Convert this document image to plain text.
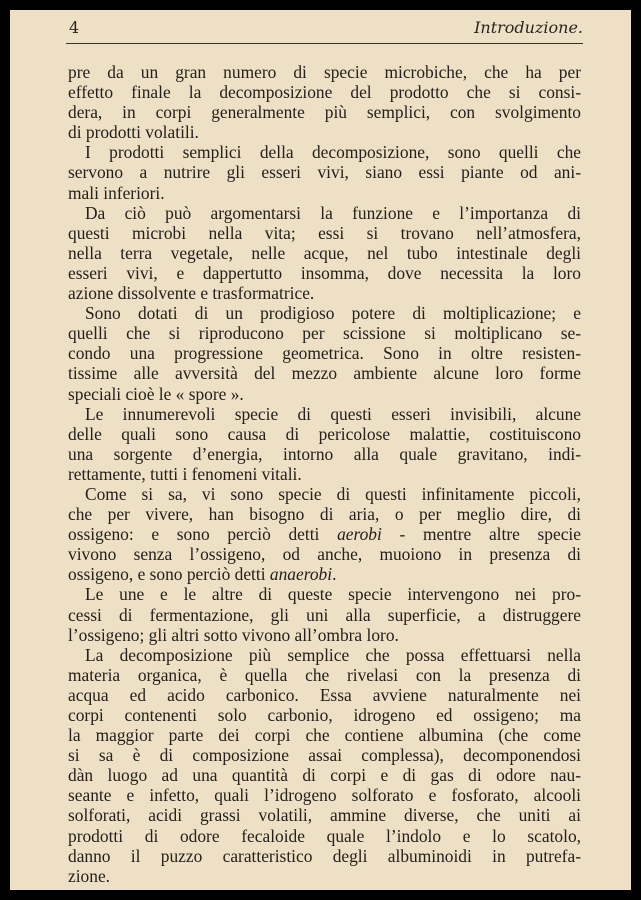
4	Introduzione.
pre da un gran numero di specie microbiche, che ha per
effetto finale la decomposizione del prodotto che si consi-
dera, in corpi generalmente più semplici, con svolgimento
di prodotti volatili.
I prodotti semplici della decomposizione, sono quelli che
servono a nutrire gli esseri vivi, siano essi piante od ani-
mali inferiori.
Da ciò può argomentarsi la funzione e l’importanza di
questi microbi nella vita; essi si trovano nell’atmosfera,
nella terra vegetale, nelle acque, nel tubo intestinale degli
esseri vivi, e dappertutto insomma, dove necessita la loro
azione dissolvente e trasformatrice.
Sono dotati di un prodigioso potere di moltiplicazione; e
quelli che si riproducono per scissione si moltiplicano se-
condo una progressione geometrica. Sono in oltre resisten-
tissime alle avversità del mezzo ambiente alcune loro forme
speciali cioè le « spore ».
Le innumerevoli specie di questi esseri invisibili, alcune
delle quali sono causa di pericolose malattie, costituiscono
una sorgente d’energia, intorno alla quale gravitano, indi-
rettamente, tutti i fenomeni vitali.
Come si sa, vi sono specie di questi infinitamente piccoli,
che per vivere, han bisogno di aria, o per meglio dire, di
ossigeno: e sono perciò detti aerobi - mentre altre specie
vivono senza l’ossigeno, od anche, muoiono in presenza di
ossigeno, e sono perciò detti anaerobi.
Le une e le altre di queste specie intervengono nei pro-
cessi di fermentazione, gli uni alla superficie, a distruggere
l’ossigeno; gli altri sotto vivono all’ombra loro.
La decomposizione più semplice che possa effettuarsi nella
materia organica, è quella che rivelasi con la presenza di
acqua ed acido carbonico. Essa avviene naturalmente nei
corpi contenenti solo carbonio, idrogeno ed ossigeno; ma
la maggior parte dei corpi che contiene albumina (che come
si sa è di composizione assai complessa), decomponendosi
dàn luogo ad una quantità di corpi e di gas di odore nau-
seante e infetto, quali l’idrogeno solforato e fosforato, alcooli
solforati, acidi grassi volatili, ammine diverse, che uniti ai
prodotti di odore fecaloide quale l’indolo e lo scatolo,
danno il puzzo caratteristico degli albuminoidi in putrefa-
zione.
